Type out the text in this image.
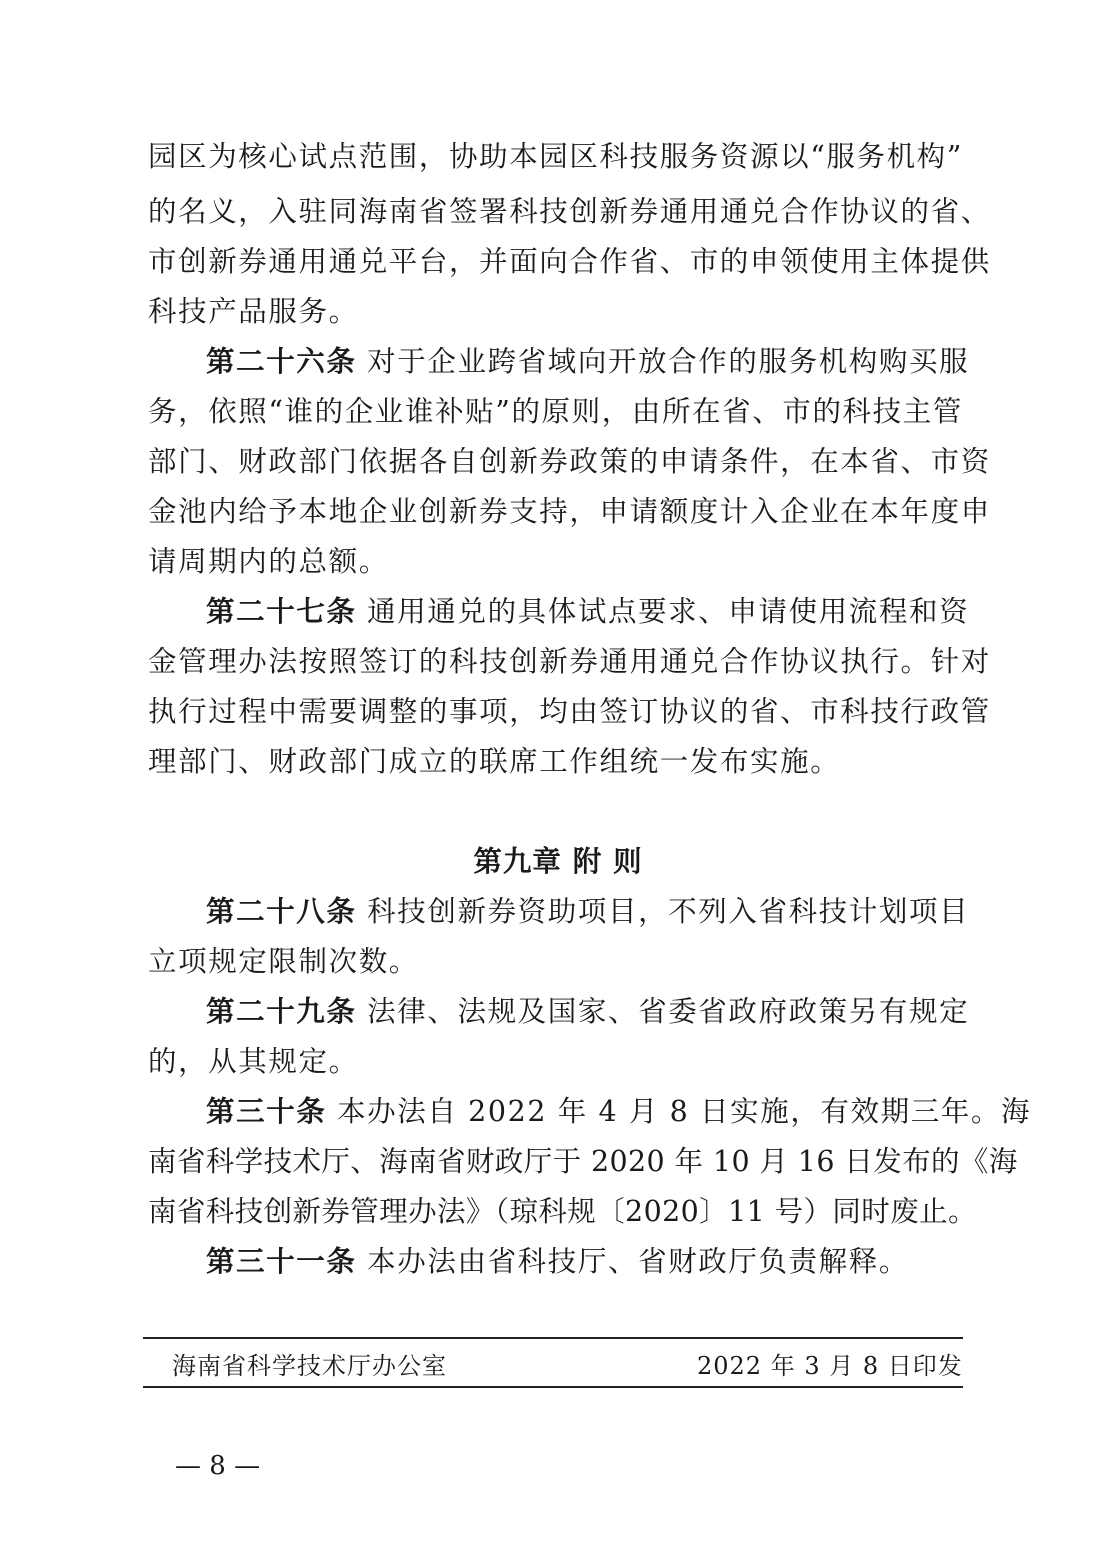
园区为核心试点范围，协助本园区科技服务资源以“服务机构”
的名义，入驻同海南省签署科技创新券通用通兑合作协议的省、
市创新券通用通兑平台，并面向合作省、市的申领使用主体提供
科技产品服务。
第二十六条 对于企业跨省域向开放合作的服务机构购买服
务，依照“谁的企业谁补贴”的原则，由所在省、市的科技主管
部门、财政部门依据各自创新券政策的申请条件，在本省、市资
金池内给予本地企业创新券支持，申请额度计入企业在本年度申
请周期内的总额。
第二十七条 通用通兑的具体试点要求、申请使用流程和资
金管理办法按照签订的科技创新券通用通兑合作协议执行。针对
执行过程中需要调整的事项，均由签订协议的省、市科技行政管
理部门、财政部门成立的联席工作组统一发布实施。
第九章 附 则
第二十八条 科技创新券资助项目，不列入省科技计划项目
立项规定限制次数。
第二十九条 法律、法规及国家、省委省政府政策另有规定
的，从其规定。
第三十条 本办法自 2022 年 4 月 8 日实施，有效期三年。海
南省科学技术厅、海南省财政厅于 2020 年 10 月 16 日发布的《海
南省科技创新券管理办法》（琼科规〔2020〕11 号）同时废止。
第三十一条 本办法由省科技厅、省财政厅负责解释。
海南省科学技术厅办公室	2022 年 3 月 8 日印发
— 8 —
